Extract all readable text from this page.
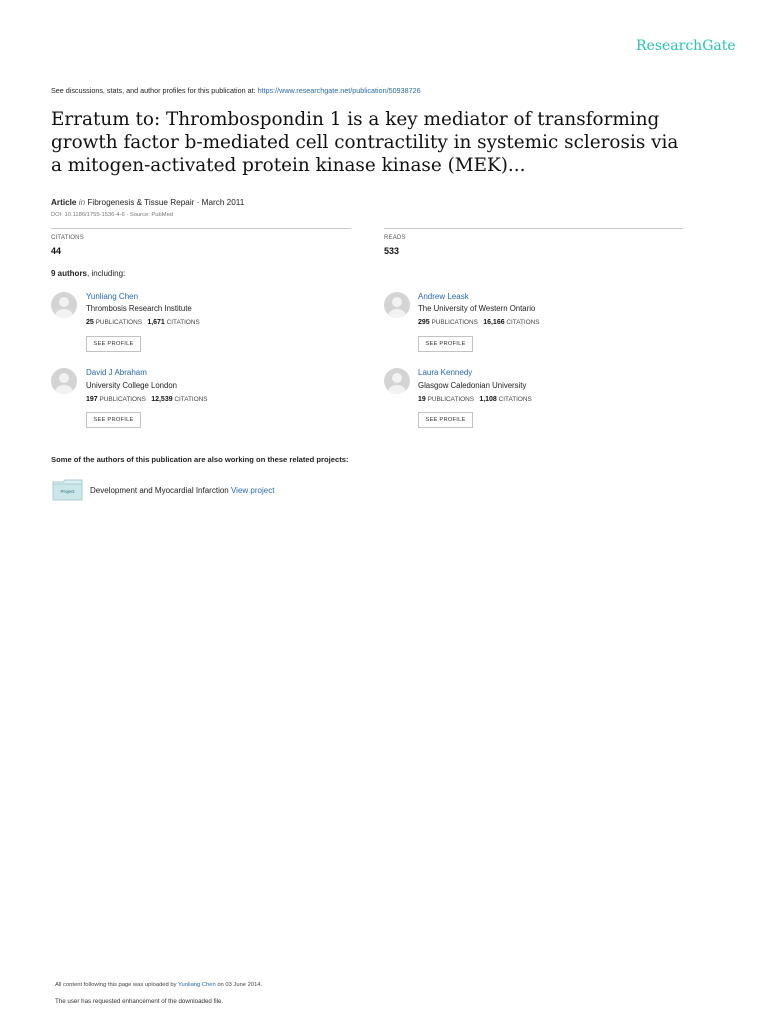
ResearchGate
See discussions, stats, and author profiles for this publication at: https://www.researchgate.net/publication/50938726
Erratum to: Thrombospondin 1 is a key mediator of transforming growth factor b-mediated cell contractility in systemic sclerosis via a mitogen-activated protein kinase kinase (MEK)...
Article in Fibrogenesis & Tissue Repair · March 2011
DOI: 10.1186/1755-1536-4-6 · Source: PubMed
CITATIONS
44
READS
533
9 authors, including:
Yunliang Chen
Thrombosis Research Institute
25 PUBLICATIONS 1,671 CITATIONS
SEE PROFILE
Andrew Leask
The University of Western Ontario
295 PUBLICATIONS 16,166 CITATIONS
SEE PROFILE
David J Abraham
University College London
197 PUBLICATIONS 12,539 CITATIONS
SEE PROFILE
Laura Kennedy
Glasgow Caledonian University
19 PUBLICATIONS 1,108 CITATIONS
SEE PROFILE
Some of the authors of this publication are also working on these related projects:
Project	Development and Myocardial Infarction View project
All content following this page was uploaded by Yunliang Chen on 03 June 2014.
The user has requested enhancement of the downloaded file.
